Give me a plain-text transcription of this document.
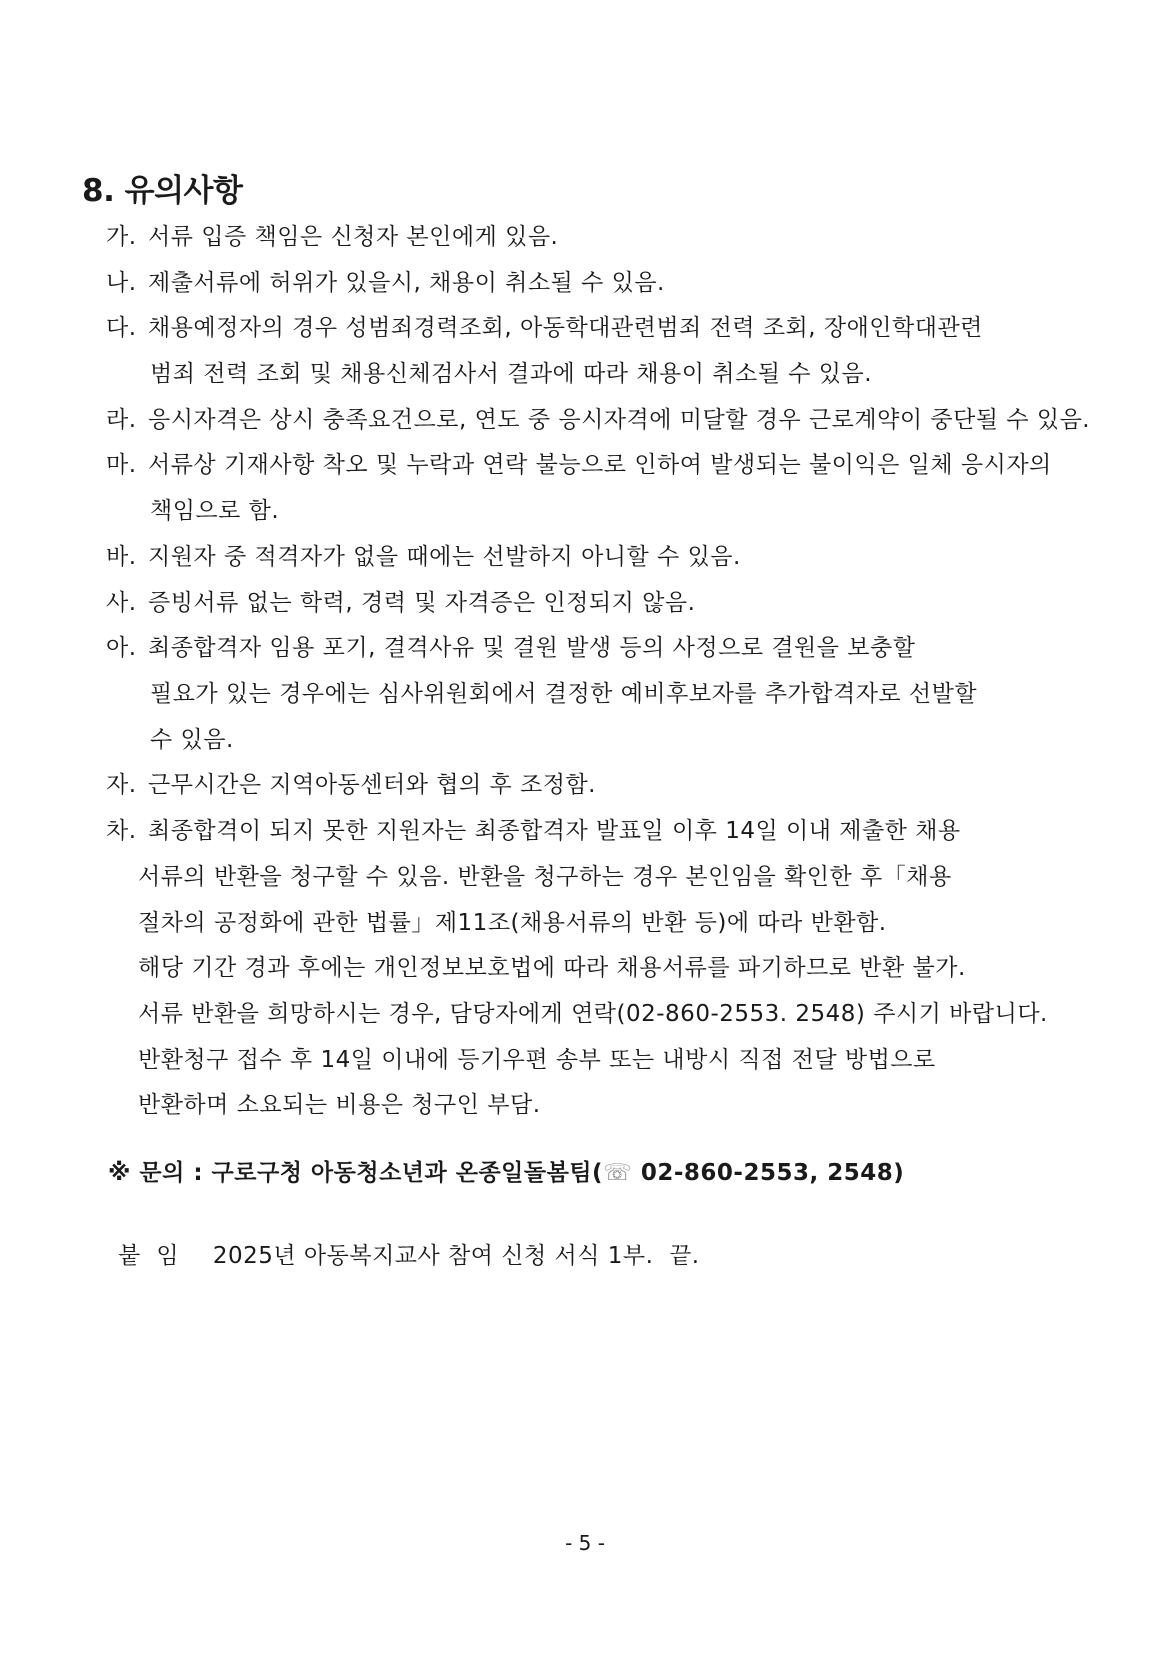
8. 유의사항
가. 서류 입증 책임은 신청자 본인에게 있음.
나. 제출서류에 허위가 있을시, 채용이 취소될 수 있음.
다. 채용예정자의 경우 성범죄경력조회, 아동학대관련범죄 전력 조회, 장애인학대관련
범죄 전력 조회 및 채용신체검사서 결과에 따라 채용이 취소될 수 있음.
라. 응시자격은 상시 충족요건으로, 연도 중 응시자격에 미달할 경우 근로계약이 중단될 수 있음.
마. 서류상 기재사항 착오 및 누락과 연락 불능으로 인하여 발생되는 불이익은 일체 응시자의
책임으로 함.
바. 지원자 중 적격자가 없을 때에는 선발하지 아니할 수 있음.
사. 증빙서류 없는 학력, 경력 및 자격증은 인정되지 않음.
아. 최종합격자 임용 포기, 결격사유 및 결원 발생 등의 사정으로 결원을 보충할
필요가 있는 경우에는 심사위원회에서 결정한 예비후보자를 추가합격자로 선발할
수 있음.
자. 근무시간은 지역아동센터와 협의 후 조정함.
차. 최종합격이 되지 못한 지원자는 최종합격자 발표일 이후 14일 이내 제출한 채용
서류의 반환을 청구할 수 있음. 반환을 청구하는 경우 본인임을 확인한 후「채용
절차의 공정화에 관한 법률」제11조(채용서류의 반환 등)에 따라 반환함.
해당 기간 경과 후에는 개인정보보호법에 따라 채용서류를 파기하므로 반환 불가.
서류 반환을 희망하시는 경우, 담당자에게 연락(02-860-2553. 2548) 주시기 바랍니다.
반환청구 접수 후 14일 이내에 등기우편 송부 또는 내방시 직접 전달 방법으로
반환하며 소요되는 비용은 청구인 부담.
※ 문의 : 구로구청 아동청소년과 온종일돌봄팀(☏ 02-860-2553, 2548)
붙  임 2025년 아동복지교사 참여 신청 서식 1부.  끝.
- 5 -
